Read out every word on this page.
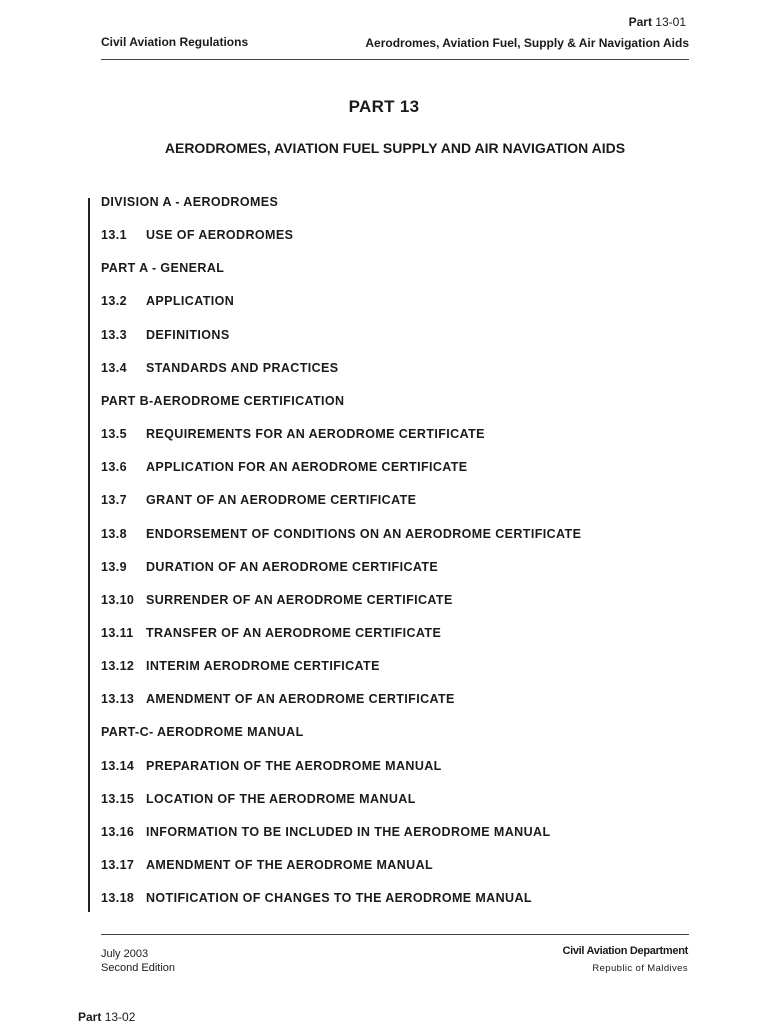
Part 13-01
Civil Aviation Regulations	Aerodromes, Aviation Fuel, Supply & Air Navigation Aids
PART 13
AERODROMES, AVIATION FUEL SUPPLY AND AIR NAVIGATION AIDS
DIVISION A - AERODROMES
13.1 USE OF AERODROMES
PART A - GENERAL
13.2 APPLICATION
13.3 DEFINITIONS
13.4 STANDARDS AND PRACTICES
PART B-AERODROME CERTIFICATION
13.5 REQUIREMENTS FOR AN AERODROME CERTIFICATE
13.6 APPLICATION FOR AN AERODROME CERTIFICATE
13.7 GRANT OF AN AERODROME CERTIFICATE
13.8 ENDORSEMENT OF CONDITIONS ON AN AERODROME CERTIFICATE
13.9 DURATION OF AN AERODROME CERTIFICATE
13.10 SURRENDER OF AN AERODROME CERTIFICATE
13.11 TRANSFER OF AN AERODROME CERTIFICATE
13.12 INTERIM AERODROME CERTIFICATE
13.13 AMENDMENT OF AN AERODROME CERTIFICATE
PART-C- AERODROME MANUAL
13.14 PREPARATION OF THE AERODROME MANUAL
13.15 LOCATION OF THE AERODROME MANUAL
13.16 INFORMATION TO BE INCLUDED IN THE AERODROME MANUAL
13.17 AMENDMENT OF THE AERODROME MANUAL
13.18 NOTIFICATION OF CHANGES TO THE AERODROME MANUAL
July 2003
Second Edition
Civil Aviation Department
Republic of Maldives
Part 13-02
